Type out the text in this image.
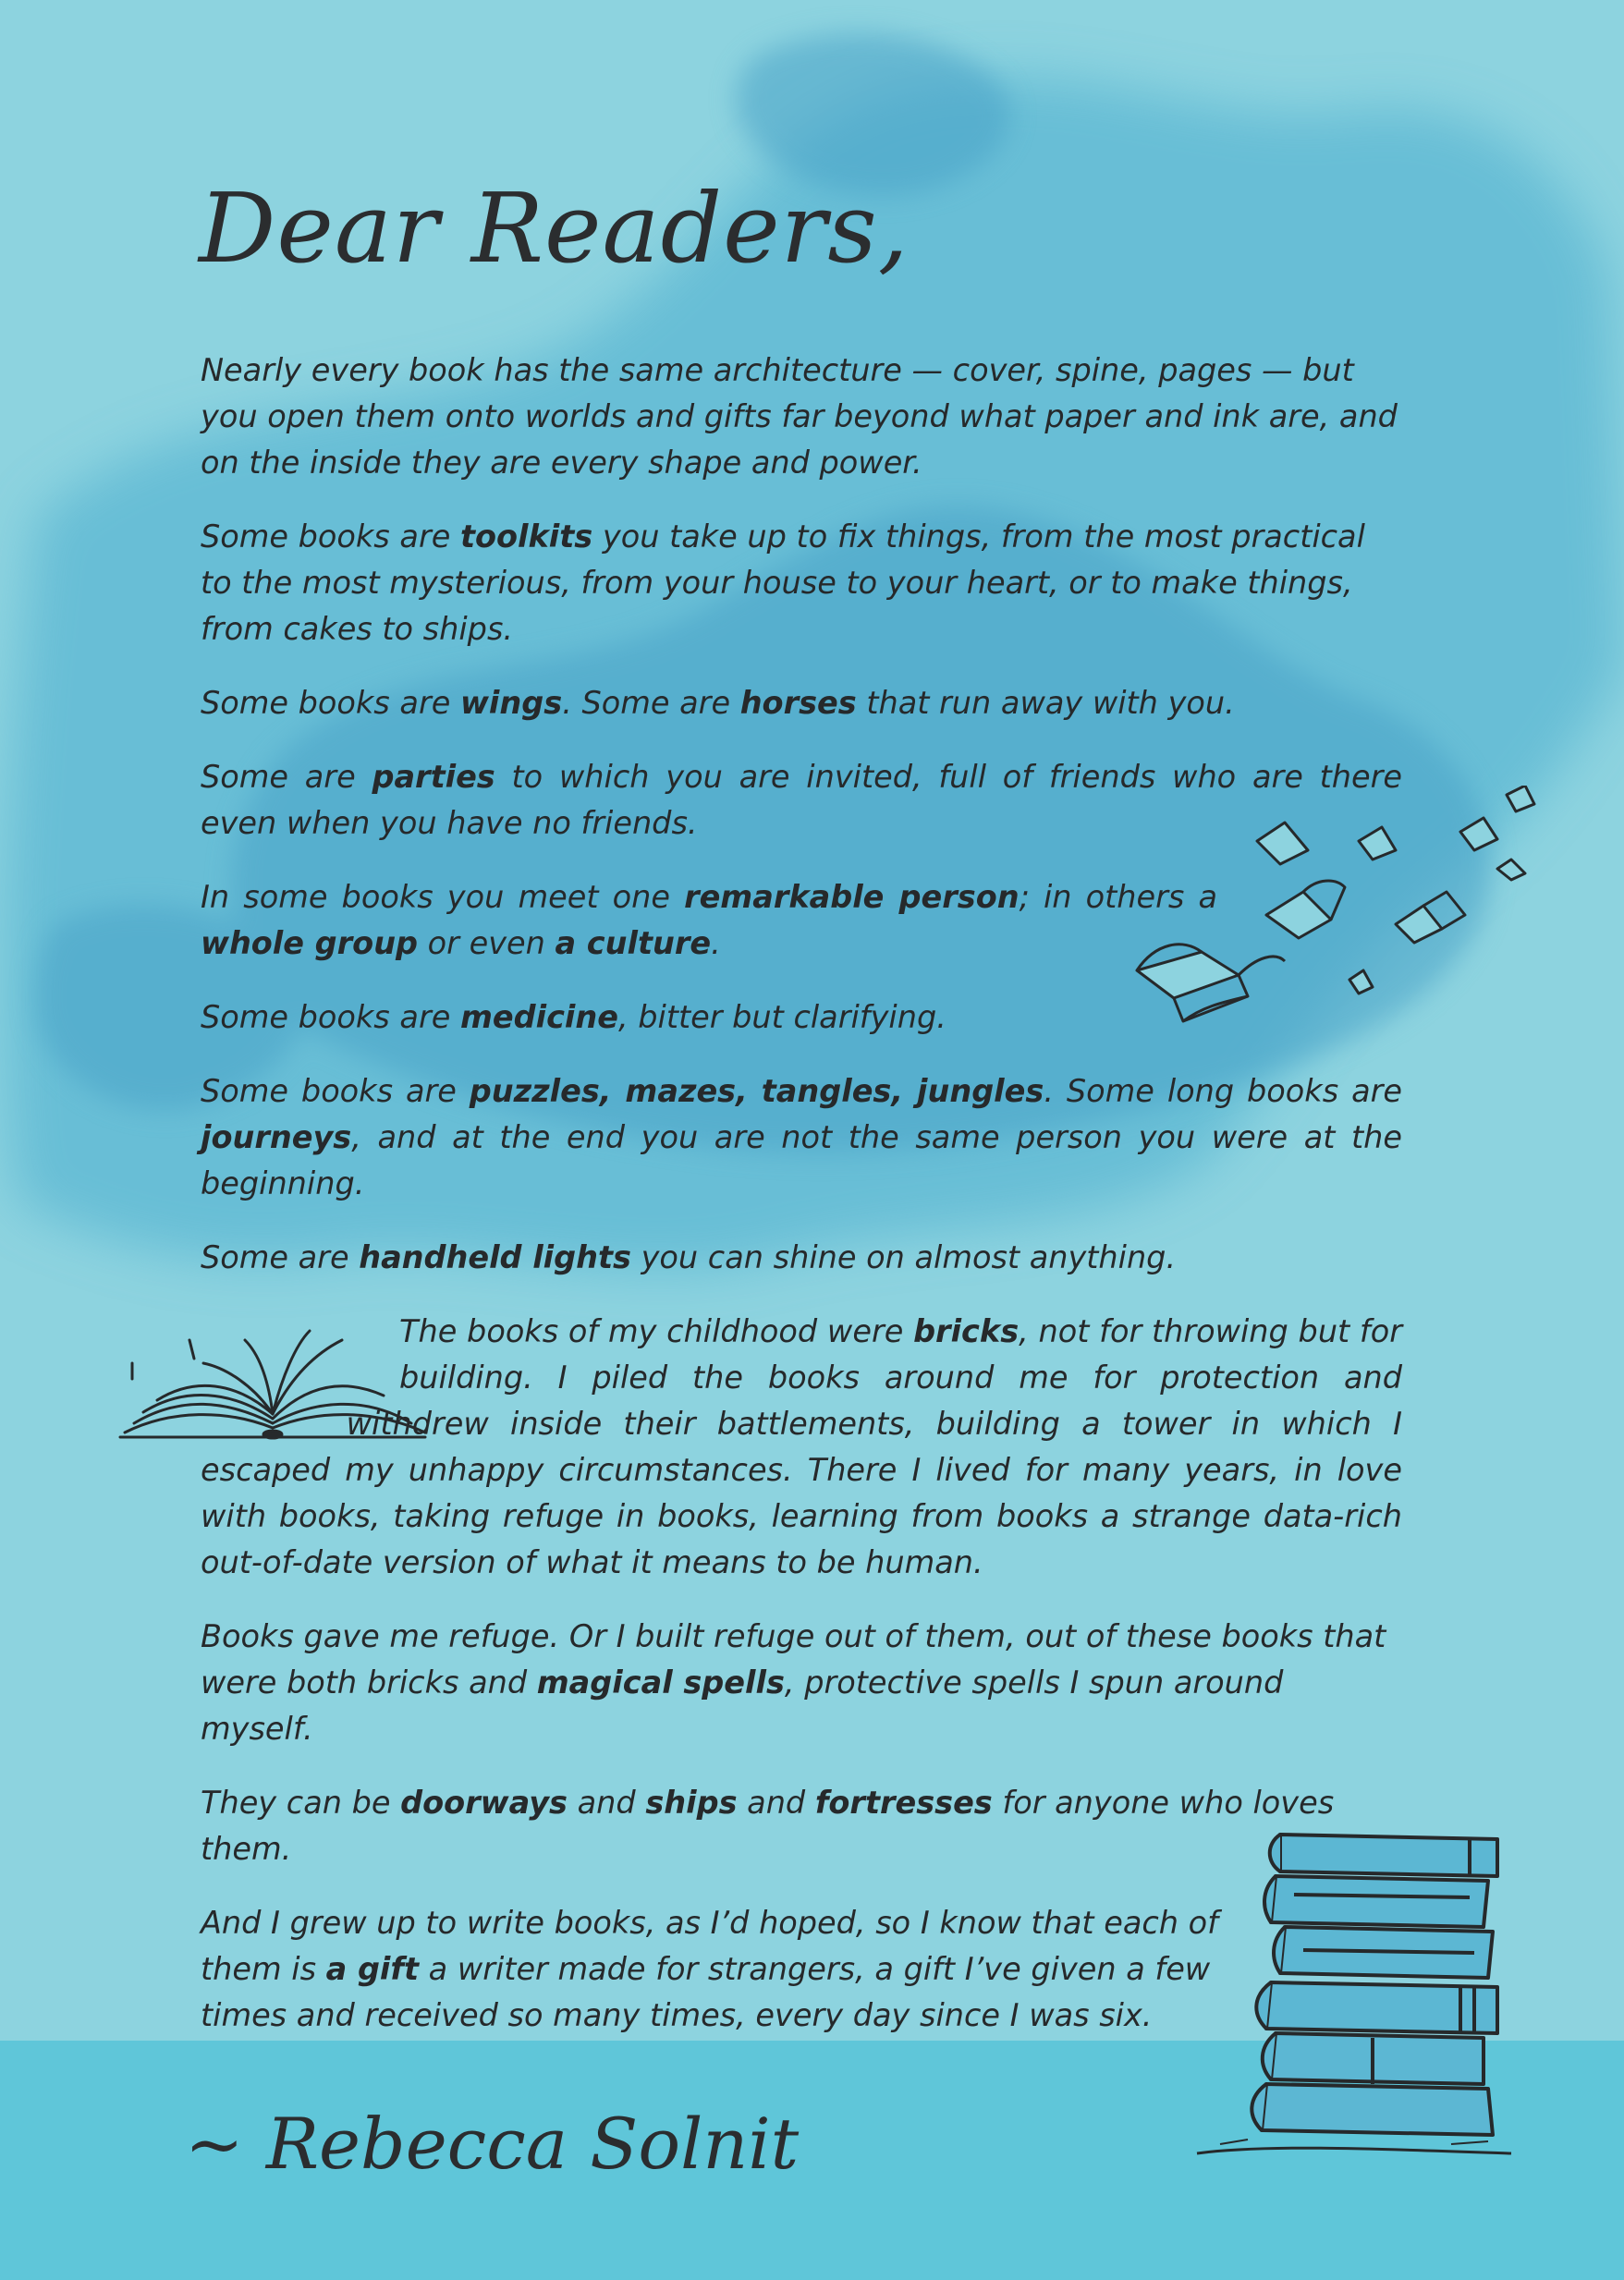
Dear Readers,

Nearly every book has the same architecture — cover, spine, pages — but you open them onto worlds and gifts far beyond what paper and ink are, and on the inside they are every shape and power.

Some books are toolkits you take up to fix things, from the most practical to the most mysterious, from your house to your heart, or to make things, from cakes to ships.

Some books are wings. Some are horses that run away with you.

Some are parties to which you are invited, full of friends who are there even when you have no friends.

In some books you meet one remarkable person; in others a whole group or even a culture.

Some books are medicine, bitter but clarifying.

Some books are puzzles, mazes, tangles, jungles. Some long books are journeys, and at the end you are not the same person you were at the beginning.

Some are handheld lights you can shine on almost anything.

The books of my childhood were bricks, not for throwing but for building. I piled the books around me for protection and withdrew inside their battlements, building a tower in which I escaped my unhappy circumstances. There I lived for many years, in love with books, taking refuge in books, learning from books a strange data-rich out-of-date version of what it means to be human.

Books gave me refuge. Or I built refuge out of them, out of these books that were both bricks and magical spells, protective spells I spun around myself.

They can be doorways and ships and fortresses for anyone who loves them.

And I grew up to write books, as I’d hoped, so I know that each of them is a gift a writer made for strangers, a gift I’ve given a few times and received so many times, every day since I was six.

~ Rebecca Solnit
